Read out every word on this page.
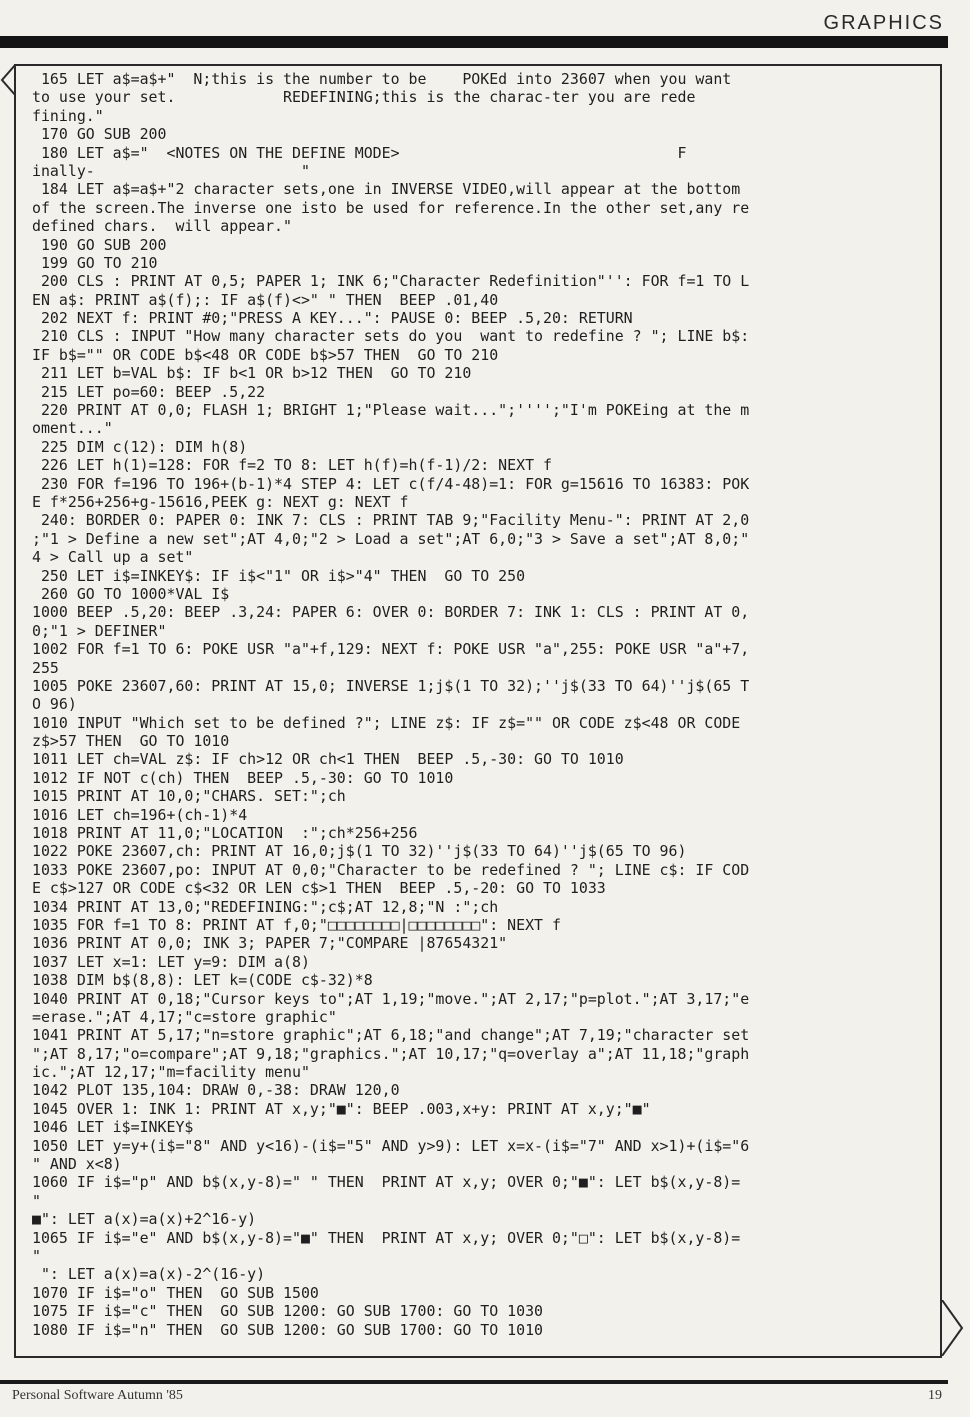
GRAPHICS
165 LET a$=a$+"  N;this is the number to be    POKEd into 23607 when you want
to use your set.            REDEFINING;this is the charac-ter you are rede
fining."
170 GO SUB 200
180 LET a$="  <NOTES ON THE DEFINE MODE>                               F
inally-                       "
184 LET a$=a$+"2 character sets,one in INVERSE VIDEO,will appear at the bottom
of the screen.The inverse one isto be used for reference.In the other set,any re
defined chars.  will appear."
190 GO SUB 200
199 GO TO 210
200 CLS : PRINT AT 0,5; PAPER 1; INK 6;"Character Redefinition"'': FOR f=1 TO L
EN a$: PRINT a$(f);: IF a$(f)<>" " THEN  BEEP .01,40
202 NEXT f: PRINT #0;"PRESS A KEY...": PAUSE 0: BEEP .5,20: RETURN
210 CLS : INPUT "How many character sets do you  want to redefine ? "; LINE b$:
IF b$="" OR CODE b$<48 OR CODE b$>57 THEN  GO TO 210
211 LET b=VAL b$: IF b<1 OR b>12 THEN  GO TO 210
215 LET po=60: BEEP .5,22
220 PRINT AT 0,0; FLASH 1; BRIGHT 1;"Please wait...";'''';"I'm POKEing at the m
oment..."
225 DIM c(12): DIM h(8)
226 LET h(1)=128: FOR f=2 TO 8: LET h(f)=h(f-1)/2: NEXT f
230 FOR f=196 TO 196+(b-1)*4 STEP 4: LET c(f/4-48)=1: FOR g=15616 TO 16383: POK
E f*256+256+g-15616,PEEK g: NEXT g: NEXT f
240: BORDER 0: PAPER 0: INK 7: CLS : PRINT TAB 9;"Facility Menu-": PRINT AT 2,0
;"1 > Define a new set";AT 4,0;"2 > Load a set";AT 6,0;"3 > Save a set";AT 8,0;"
4 > Call up a set"
250 LET i$=INKEY$: IF i$<"1" OR i$>"4" THEN  GO TO 250
260 GO TO 1000*VAL I$
1000 BEEP .5,20: BEEP .3,24: PAPER 6: OVER 0: BORDER 7: INK 1: CLS : PRINT AT 0,
0;"1 > DEFINER"
1002 FOR f=1 TO 6: POKE USR "a"+f,129: NEXT f: POKE USR "a",255: POKE USR "a"+7,
255
1005 POKE 23607,60: PRINT AT 15,0; INVERSE 1;j$(1 TO 32);''j$(33 TO 64)''j$(65 T
O 96)
1010 INPUT "Which set to be defined ?"; LINE z$: IF z$="" OR CODE z$<48 OR CODE
z$>57 THEN  GO TO 1010
1011 LET ch=VAL z$: IF ch>12 OR ch<1 THEN  BEEP .5,-30: GO TO 1010
1012 IF NOT c(ch) THEN  BEEP .5,-30: GO TO 1010
1015 PRINT AT 10,0;"CHARS. SET:";ch
1016 LET ch=196+(ch-1)*4
1018 PRINT AT 11,0;"LOCATION  :";ch*256+256
1022 POKE 23607,ch: PRINT AT 16,0;j$(1 TO 32)''j$(33 TO 64)''j$(65 TO 96)
1033 POKE 23607,po: INPUT AT 0,0;"Character to be redefined ? "; LINE c$: IF COD
E c$>127 OR CODE c$<32 OR LEN c$>1 THEN  BEEP .5,-20: GO TO 1033
1034 PRINT AT 13,0;"REDEFINING:";c$;AT 12,8;"N :";ch
1035 FOR f=1 TO 8: PRINT AT f,0;"□□□□□□□□|□□□□□□□□": NEXT f
1036 PRINT AT 0,0; INK 3; PAPER 7;"COMPARE |87654321"
1037 LET x=1: LET y=9: DIM a(8)
1038 DIM b$(8,8): LET k=(CODE c$-32)*8
1040 PRINT AT 0,18;"Cursor keys to";AT 1,19;"move.";AT 2,17;"p=plot.";AT 3,17;"e
=erase.";AT 4,17;"c=store graphic"
1041 PRINT AT 5,17;"n=store graphic";AT 6,18;"and change";AT 7,19;"character set
";AT 8,17;"o=compare";AT 9,18;"graphics.";AT 10,17;"q=overlay a";AT 11,18;"graph
ic.";AT 12,17;"m=facility menu"
1042 PLOT 135,104: DRAW 0,-38: DRAW 120,0
1045 OVER 1: INK 1: PRINT AT x,y;"■": BEEP .003,x+y: PRINT AT x,y;"■"
1046 LET i$=INKEY$
1050 LET y=y+(i$="8" AND y<16)-(i$="5" AND y>9): LET x=x-(i$="7" AND x>1)+(i$="6
" AND x<8)
1060 IF i$="p" AND b$(x,y-8)=" " THEN  PRINT AT x,y; OVER 0;"■": LET b$(x,y-8)=
"
■": LET a(x)=a(x)+2^16-y)
1065 IF i$="e" AND b$(x,y-8)="■" THEN  PRINT AT x,y; OVER 0;"□": LET b$(x,y-8)=
"
": LET a(x)=a(x)-2^(16-y)
1070 IF i$="o" THEN  GO SUB 1500
1075 IF i$="c" THEN  GO SUB 1200: GO SUB 1700: GO TO 1030
1080 IF i$="n" THEN  GO SUB 1200: GO SUB 1700: GO TO 1010
Personal Software Autumn '85	19
